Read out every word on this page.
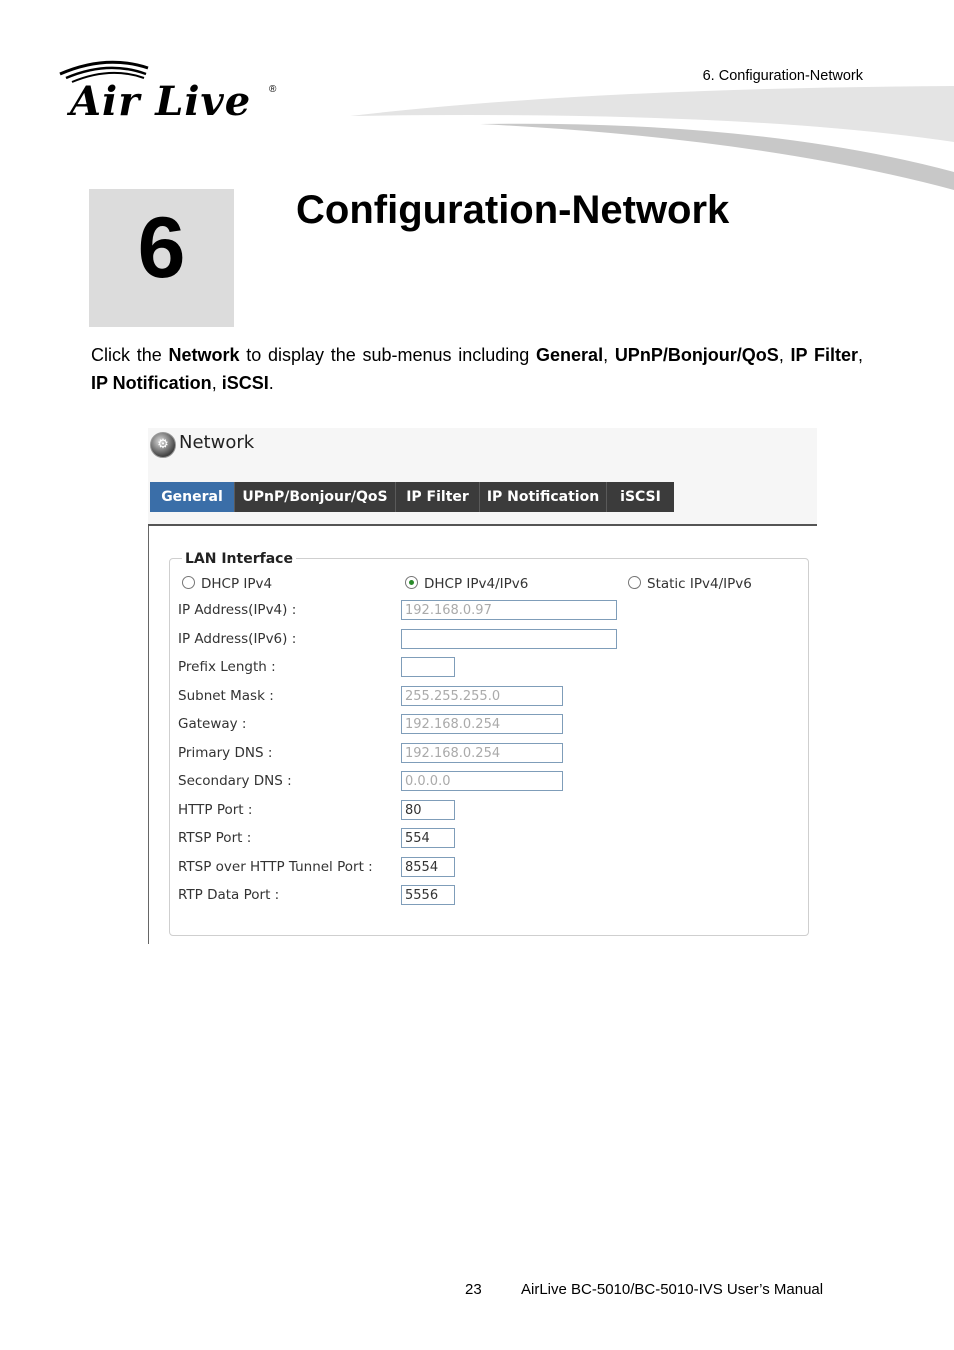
Air Live ®
6. Configuration-Network
6	Configuration-Network

Click the Network to display the sub-menus including General, UPnP/Bonjour/QoS, IP Filter, IP Notification, iSCSI.

⚙ Network
General	UPnP/Bonjour/QoS	IP Filter	IP Notification	iSCSI
LAN Interface
DHCP IPv4	DHCP IPv4/IPv6	Static IPv4/IPv6
IP Address(IPv4) :	192.168.0.97
IP Address(IPv6) :
Prefix Length :
Subnet Mask :	255.255.255.0
Gateway :	192.168.0.254
Primary DNS :	192.168.0.254
Secondary DNS :	0.0.0.0
HTTP Port :	80
RTSP Port :	554
RTSP over HTTP Tunnel Port :	8554
RTP Data Port :	5556
23	AirLive BC-5010/BC-5010-IVS User’s Manual
